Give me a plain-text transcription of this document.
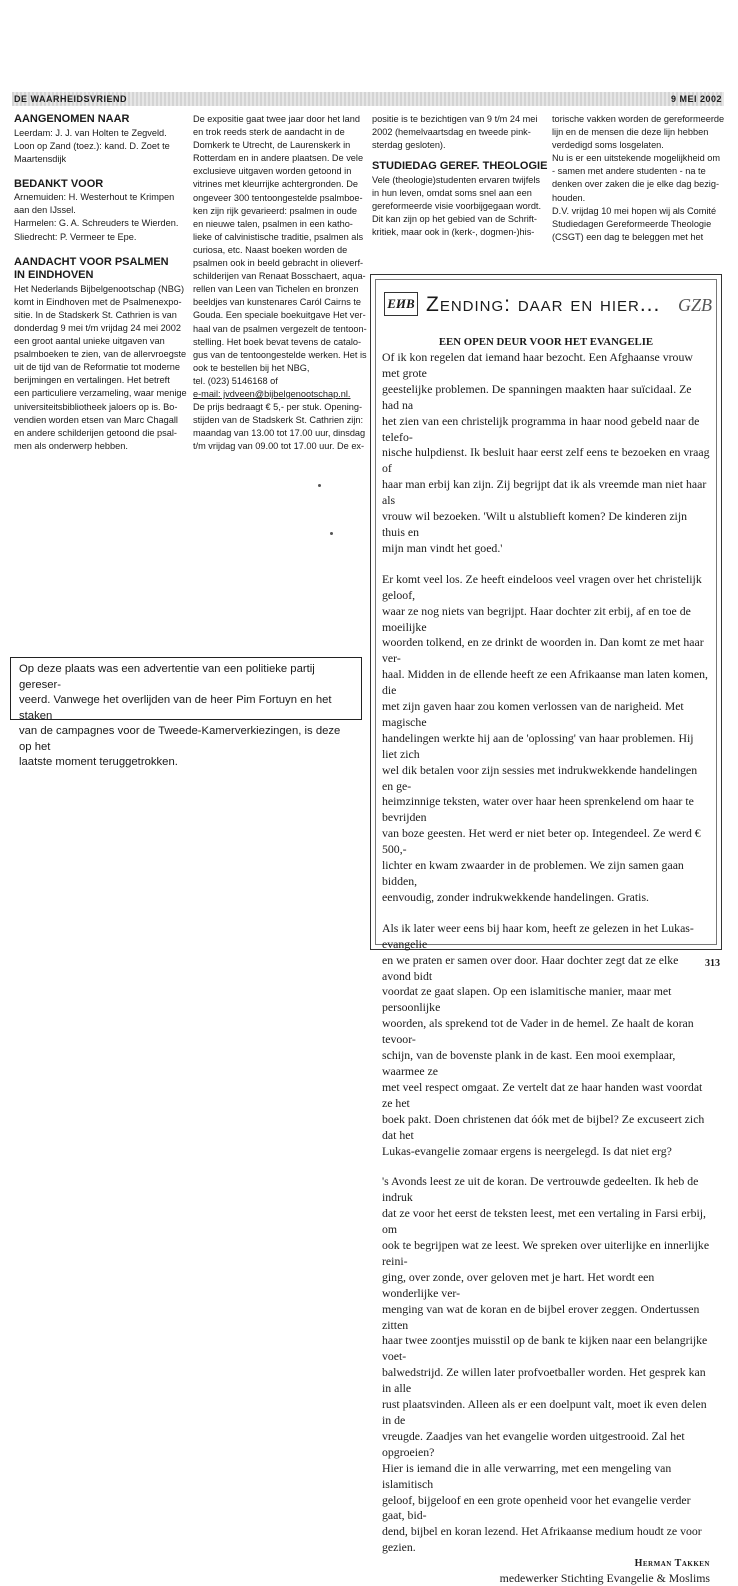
DE WAARHEIDSVRIEND	9 MEI 2002

AANGENOMEN NAAR

Leerdam: J. J. van Holten te Zegveld.

Loon op Zand (toez.): kand. D. Zoet te

Maartensdijk

BEDANKT VOOR

Arnemuiden: H. Westerhout te Krimpen

aan den IJssel.

Harmelen: G. A. Schreuders te Wierden.

Sliedrecht: P. Vermeer te Epe.

AANDACHT VOOR PSALMEN

IN EINDHOVEN

Het Nederlands Bijbelgenootschap (NBG)

komt in Eindhoven met de Psalmenexpo-

sitie. In de Stadskerk St. Cathrien is van

donderdag 9 mei t/m vrijdag 24 mei 2002

een groot aantal unieke uitgaven van

psalmboeken te zien, van de allervroegste

uit de tijd van de Reformatie tot moderne

berijmingen en vertalingen. Het betreft

een particuliere verzameling, waar menige

universiteitsbibliotheek jaloers op is. Bo-

vendien worden etsen van Marc Chagall

en andere schilderijen getoond die psal-

men als onderwerp hebben.

De expositie gaat twee jaar door het land

en trok reeds sterk de aandacht in de

Domkerk te Utrecht, de Laurenskerk in

Rotterdam en in andere plaatsen. De vele

exclusieve uitgaven worden getoond in

vitrines met kleurrijke achtergronden. De

ongeveer 300 tentoongestelde psalmboe-

ken zijn rijk gevarieerd: psalmen in oude

en nieuwe talen, psalmen in een katho-

lieke of calvinistische traditie, psalmen als

curiosa, etc. Naast boeken worden de

psalmen ook in beeld gebracht in olieverf-

schilderijen van Renaat Bosschaert, aqua-

rellen van Leen van Tichelen en bronzen

beeldjes van kunstenares Caról Cairns te

Gouda. Een speciale boekuitgave Het ver-

haal van de psalmen vergezelt de tentoon-

stelling. Het boek bevat tevens de catalo-

gus van de tentoongestelde werken. Het is

ook te bestellen bij het NBG,

tel. (023) 5146168 of

e-mail: jvdveen@bijbelgenootschap.nl.

De prijs bedraagt € 5,- per stuk. Opening-

stijden van de Stadskerk St. Cathrien zijn:

maandag van 13.00 tot 17.00 uur, dinsdag

t/m vrijdag van 09.00 tot 17.00 uur. De ex-

positie is te bezichtigen van 9 t/m 24 mei

2002 (hemelvaartsdag en tweede pink-

sterdag gesloten).

STUDIEDAG GEREF. THEOLOGIE

Vele (theologie)studenten ervaren twijfels

in hun leven, omdat soms snel aan een

gereformeerde visie voorbijgegaan wordt.

Dit kan zijn op het gebied van de Schrift-

kritiek, maar ook in (kerk-, dogmen-)his-

torische vakken worden de gereformeerde

lijn en de mensen die deze lijn hebben

verdedigd soms losgelaten.

Nu is er een uitstekende mogelijkheid om

- samen met andere studenten - na te

denken over zaken die je elke dag bezig-

houden.

D.V. vrijdag 10 mei hopen wij als Comité

Studiedagen Gereformeerde Theologie

(CSGT) een dag te beleggen met het

Op deze plaats was een advertentie van een politieke partij gereser-
veerd. Vanwege het overlijden van de heer Pim Fortuyn en het staken
van de campagnes voor de Tweede-Kamerverkiezingen, is deze op het
laatste moment teruggetrokken.
ЕИВ Zending: daar en hier... GZB
EEN OPEN DEUR VOOR HET EVANGELIE

Of ik kon regelen dat iemand haar bezocht. Een Afghaanse vrouw met grote

geestelijke problemen. De spanningen maakten haar suïcidaal. Ze had na

het zien van een christelijk programma in haar nood gebeld naar de telefo-

nische hulpdienst. Ik besluit haar eerst zelf eens te bezoeken en vraag of

haar man erbij kan zijn. Zij begrijpt dat ik als vreemde man niet haar als

vrouw wil bezoeken. 'Wilt u alstublieft komen? De kinderen zijn thuis en

mijn man vindt het goed.'

Er komt veel los. Ze heeft eindeloos veel vragen over het christelijk geloof,

waar ze nog niets van begrijpt. Haar dochter zit erbij, af en toe de moeilijke

woorden tolkend, en ze drinkt de woorden in. Dan komt ze met haar ver-

haal. Midden in de ellende heeft ze een Afrikaanse man laten komen, die

met zijn gaven haar zou komen verlossen van de narigheid. Met magische

handelingen werkte hij aan de 'oplossing' van haar problemen. Hij liet zich

wel dik betalen voor zijn sessies met indrukwekkende handelingen en ge-

heimzinnige teksten, water over haar heen sprenkelend om haar te bevrijden

van boze geesten. Het werd er niet beter op. Integendeel. Ze werd € 500,-

lichter en kwam zwaarder in de problemen. We zijn samen gaan bidden,

eenvoudig, zonder indrukwekkende handelingen. Gratis.

Als ik later weer eens bij haar kom, heeft ze gelezen in het Lukas-evangelie

en we praten er samen over door. Haar dochter zegt dat ze elke avond bidt

voordat ze gaat slapen. Op een islamitische manier, maar met persoonlijke

woorden, als sprekend tot de Vader in de hemel. Ze haalt de koran tevoor-

schijn, van de bovenste plank in de kast. Een mooi exemplaar, waarmee ze

met veel respect omgaat. Ze vertelt dat ze haar handen wast voordat ze het

boek pakt. Doen christenen dat óók met de bijbel? Ze excuseert zich dat het

Lukas-evangelie zomaar ergens is neergelegd. Is dat niet erg?

's Avonds leest ze uit de koran. De vertrouwde gedeelten. Ik heb de indruk

dat ze voor het eerst de teksten leest, met een vertaling in Farsi erbij, om

ook te begrijpen wat ze leest. We spreken over uiterlijke en innerlijke reini-

ging, over zonde, over geloven met je hart. Het wordt een wonderlijke ver-

menging van wat de koran en de bijbel erover zeggen. Ondertussen zitten

haar twee zoontjes muisstil op de bank te kijken naar een belangrijke voet-

balwedstrijd. Ze willen later profvoetballer worden. Het gesprek kan in alle

rust plaatsvinden. Alleen als er een doelpunt valt, moet ik even delen in de

vreugde. Zaadjes van het evangelie worden uitgestrooid. Zal het opgroeien?

Hier is iemand die in alle verwarring, met een mengeling van islamitisch

geloof, bijgeloof en een grote openheid voor het evangelie verder gaat, bid-

dend, bijbel en koran lezend. Het Afrikaanse medium houdt ze voor gezien.

Herman Takken
medewerker Stichting Evangelie & Moslims
313
